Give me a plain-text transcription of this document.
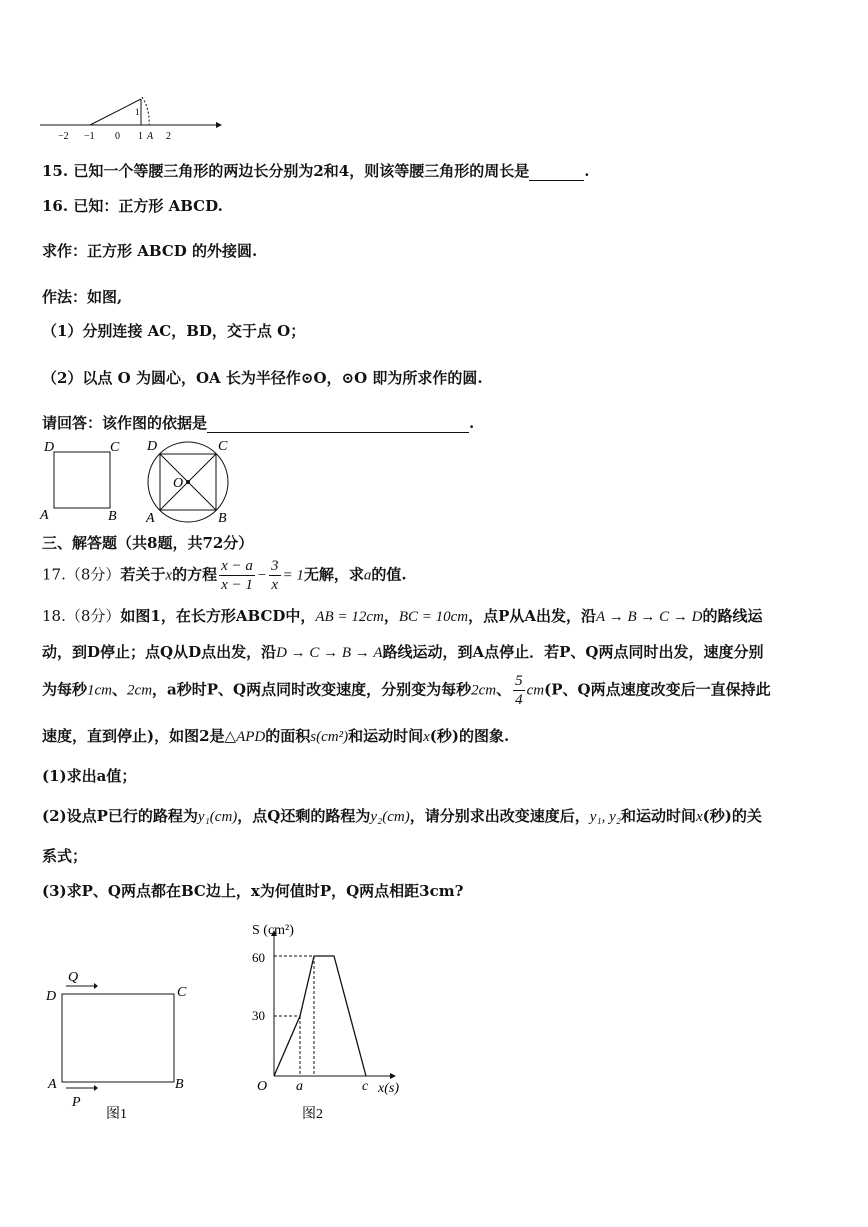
−2 −1 0 1 A 2
1
15. 已知一个等腰三角形的两边长分别为2和4，则该等腰三角形的周长是	.
16. 已知：正方形 ABCD.
求作：正方形 ABCD 的外接圆.
作法：如图,
（1）分别连接 AC，BD，交于点 O；
（2）以点 O 为圆心，OA 长为半径作⊙O，⊙O 即为所求作的圆.
请回答：该作图的依据是	.
D	C
A	B
D	C
A	B
O
三、解答题（共8题，共72分）
17.（8分）若关于x的方程 $\frac{x - a}{x - 1} - \frac{3}{x} = 1$无解，求a的值.
18.（8分）如图1，在长方形ABCD中，AB = 12cm，BC = 10cm，点P从A出发，沿A → B → C → D的路线运
动，到D停止；点Q从D点出发，沿D → C → B → A路线运动，到A点停止．若P、Q两点同时出发，速度分别
为每秒1cm、2cm，a秒时P、Q两点同时改变速度，分别变为每秒2cm、 $\frac{5}{4} cm(P$、Q两点速度改变后一直保持此
速度，直到停止)，如图2是△APD的面积s(cm²)和运动时间x(秒)的图象.
(1)求出a值；
(2)设点P已行的路程为y₁(cm)，点Q还剩的路程为y₂(cm)，请分别求出改变速度后，y₁, y₂和运动时间x(秒)的关
系式；
(3)求P、Q两点都在BC边上，x为何值时P，Q两点相距3cm?
Q
D	C
A	B
P
图1
S (cm²)
60
30
O a	c x(s)
图2
